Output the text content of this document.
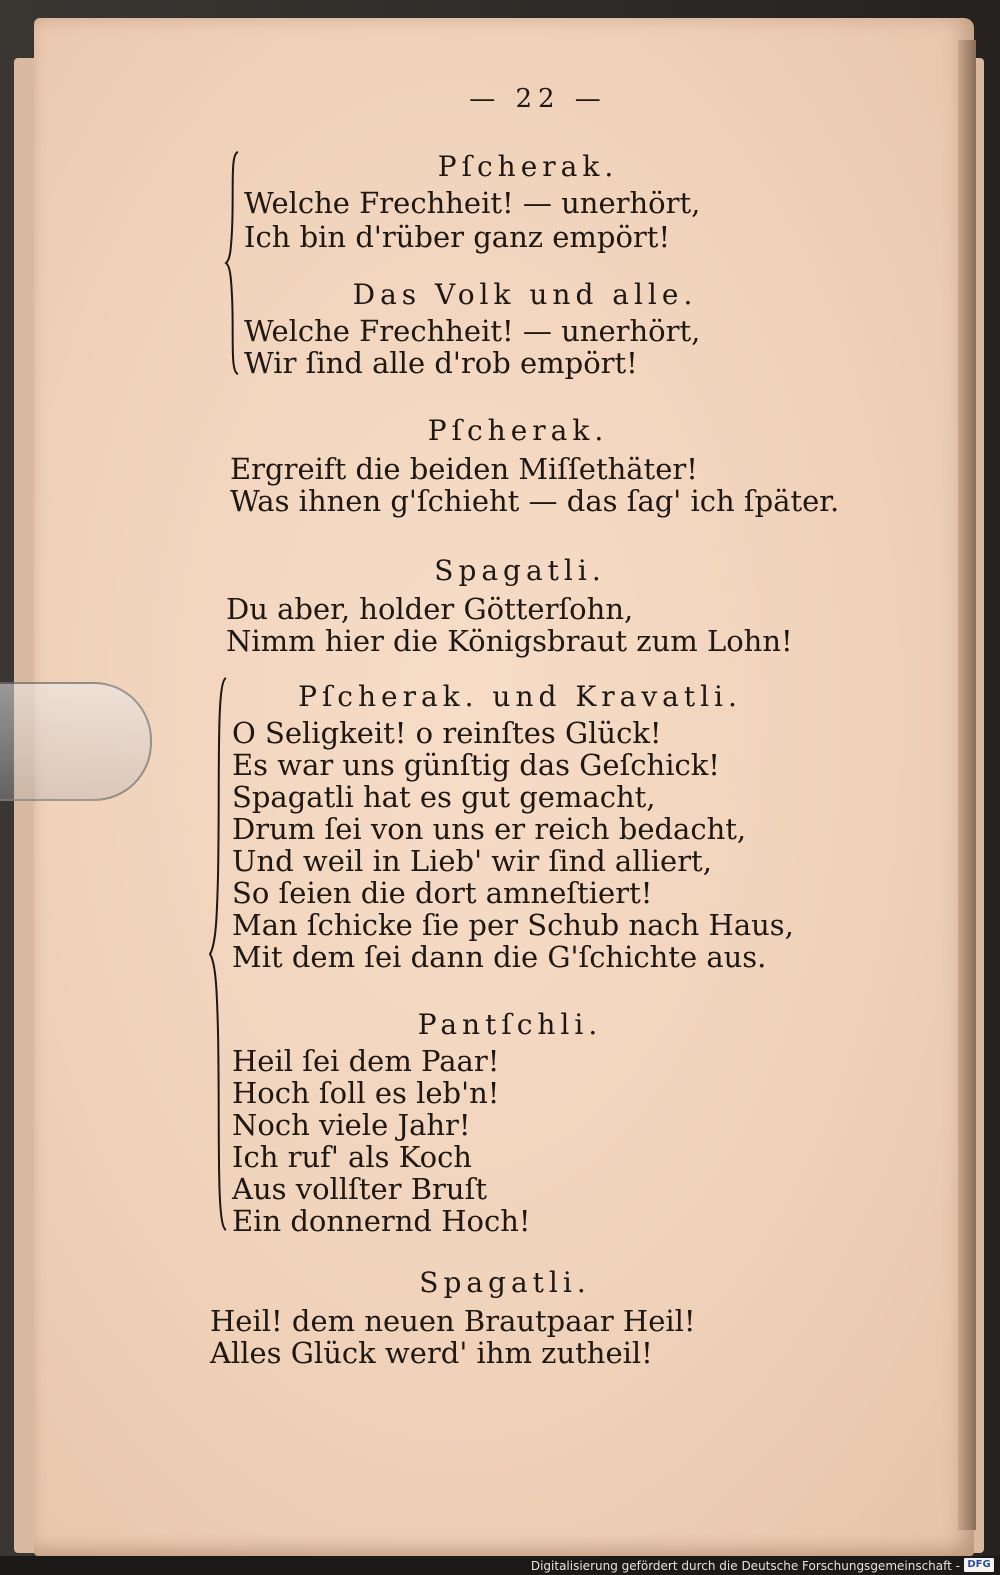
— 22 —
Pſcherak.
Welche Frechheit! — unerhört,
Ich bin d'rüber ganz empört!
Das Volk und alle.
Welche Frechheit! — unerhört,
Wir ſind alle d'rob empört!
Pſcherak.
Ergreift die beiden Miſſethäter!
Was ihnen g'ſchieht — das ſag' ich ſpäter.
Spagatli.
Du aber, holder Götterſohn,
Nimm hier die Königsbraut zum Lohn!
Pſcherak. und Kravatli.
O Seligkeit! o reinſtes Glück!
Es war uns günſtig das Geſchick!
Spagatli hat es gut gemacht,
Drum ſei von uns er reich bedacht,
Und weil in Lieb' wir ſind alliert,
So ſeien die dort amneſtiert!
Man ſchicke ſie per Schub nach Haus,
Mit dem ſei dann die G'ſchichte aus.
Pantſchli.
Heil ſei dem Paar!
Hoch ſoll es leb'n!
Noch viele Jahr!
Ich ruf' als Koch
Aus vollſter Bruſt
Ein donnernd Hoch!
Spagatli.
Heil! dem neuen Brautpaar Heil!
Alles Glück werd' ihm zutheil!
Digitalisierung gefördert durch die Deutsche Forschungsgemeinschaft - DFG
